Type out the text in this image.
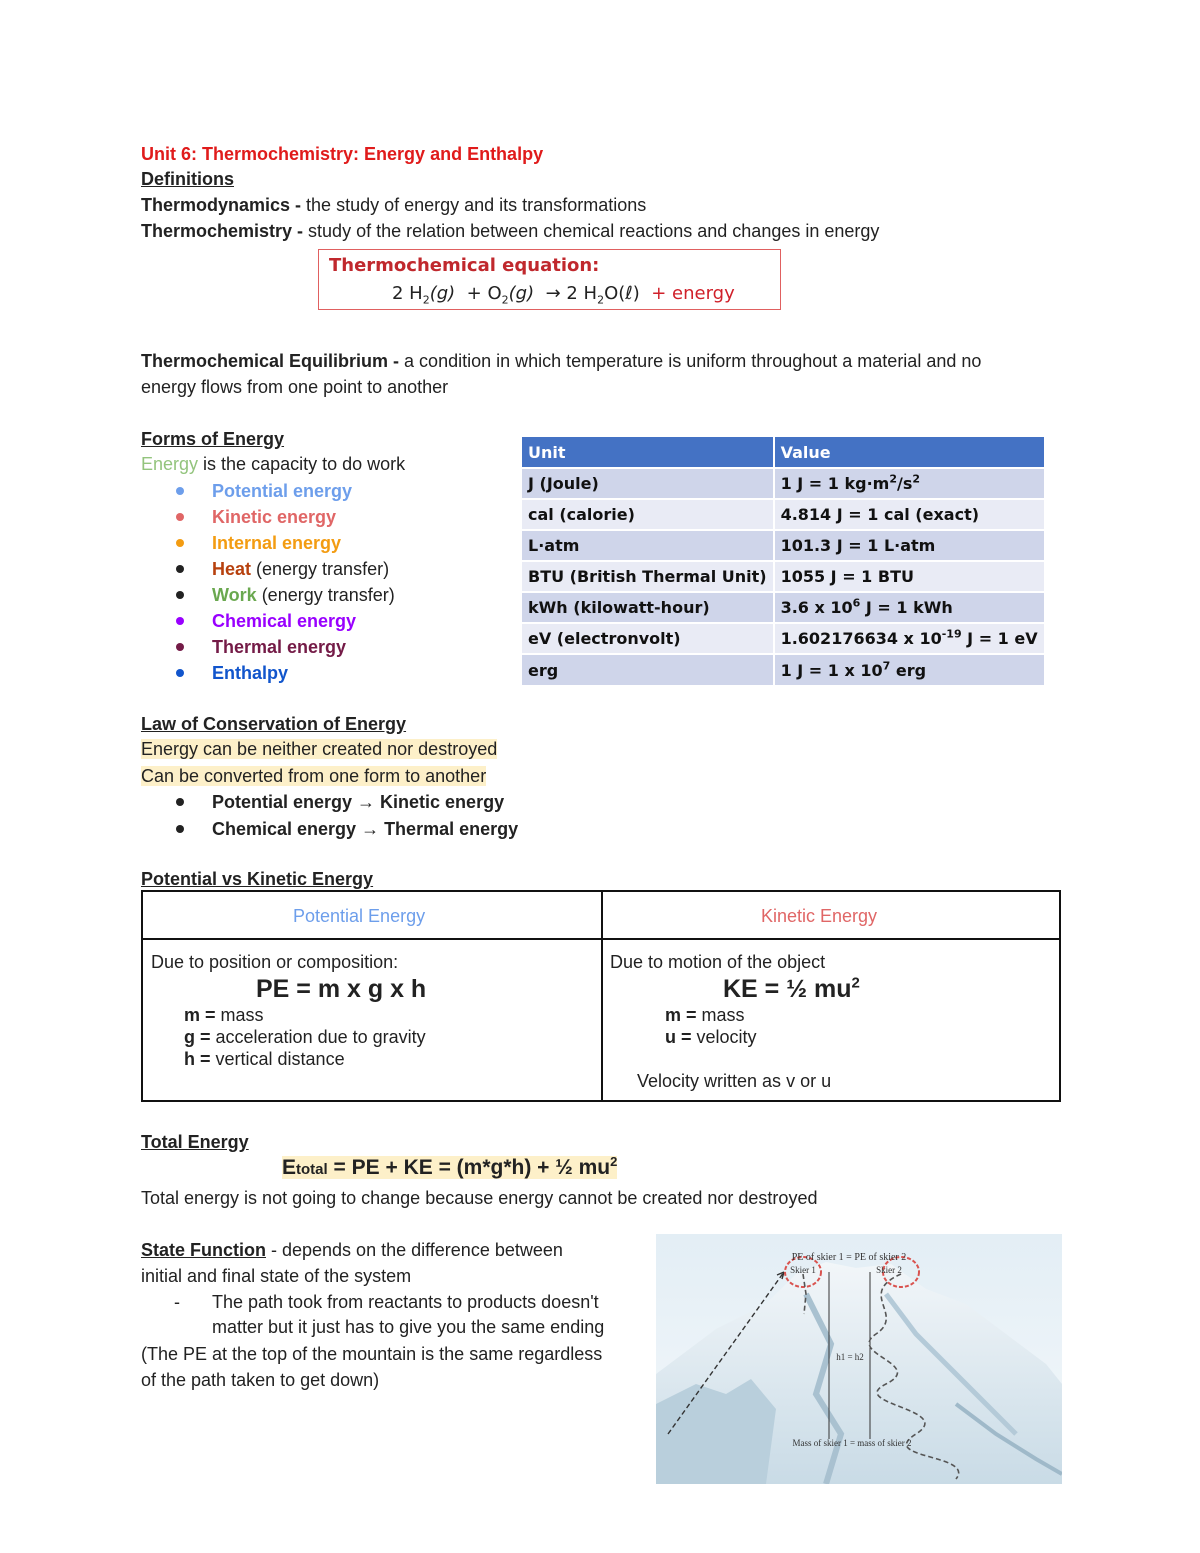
Unit 6: Thermochemistry: Energy and Enthalpy
Definitions
Thermodynamics - the study of energy and its transformations
Thermochemistry - study of the relation between chemical reactions and changes in energy
Thermochemical equation:
2 $H_2(g) + O_2(g) \to 2$ $H_2O(\ell)$ + energy
Thermochemical Equilibrium - a condition in which temperature is uniform throughout a material and no
energy flows from one point to another
Forms of Energy
Energy is the capacity to do work
Potential energy
Kinetic energy
Internal energy
Heat (energy transfer)
Work (energy transfer)
Chemical energy
Thermal energy
Enthalpy
Unit	Value
J (Joule)	1 J = 1 $kg\cdot m^2/s^2$
cal (calorie)	4.814 J = 1 cal (exact)
L·atm	101.3 J = 1 L·atm
BTU (British Thermal Unit)	1055 J = 1 BTU
kWh (kilowatt-hour)	3.6 x $10^6$ J = 1 kWh
eV (electronvolt)	1.602176634 x $10^{-19}$ J = 1 eV
erg	1 J = 1 x $10^7$ erg
Law of Conservation of Energy
Energy can be neither created nor destroyed
Can be converted from one form to another
Potential energy → Kinetic energy
Chemical energy → Thermal energy
Potential vs Kinetic Energy
Potential Energy	Kinetic Energy
Due to position or composition:
PE = m x g x h
m = mass
g = acceleration due to gravity
h = vertical distance
Due to motion of the object
KE = ½ $mu^2$
m = mass
u = velocity
Velocity written as v or u
Total Energy
Etotal = PE + KE = (m*g*h) + ½ $mu^2$
Total energy is not going to change because energy cannot be created nor destroyed
State Function - depends on the difference between
initial and final state of the system
- The path took from reactants to products doesn't
matter but it just has to give you the same ending
(The PE at the top of the mountain is the same regardless
of the path taken to get down)
PE of skier 1 = PE of skier 2
Skier 1	Skier 2
h1 = h2
Mass of skier 1 = mass of skier 2
